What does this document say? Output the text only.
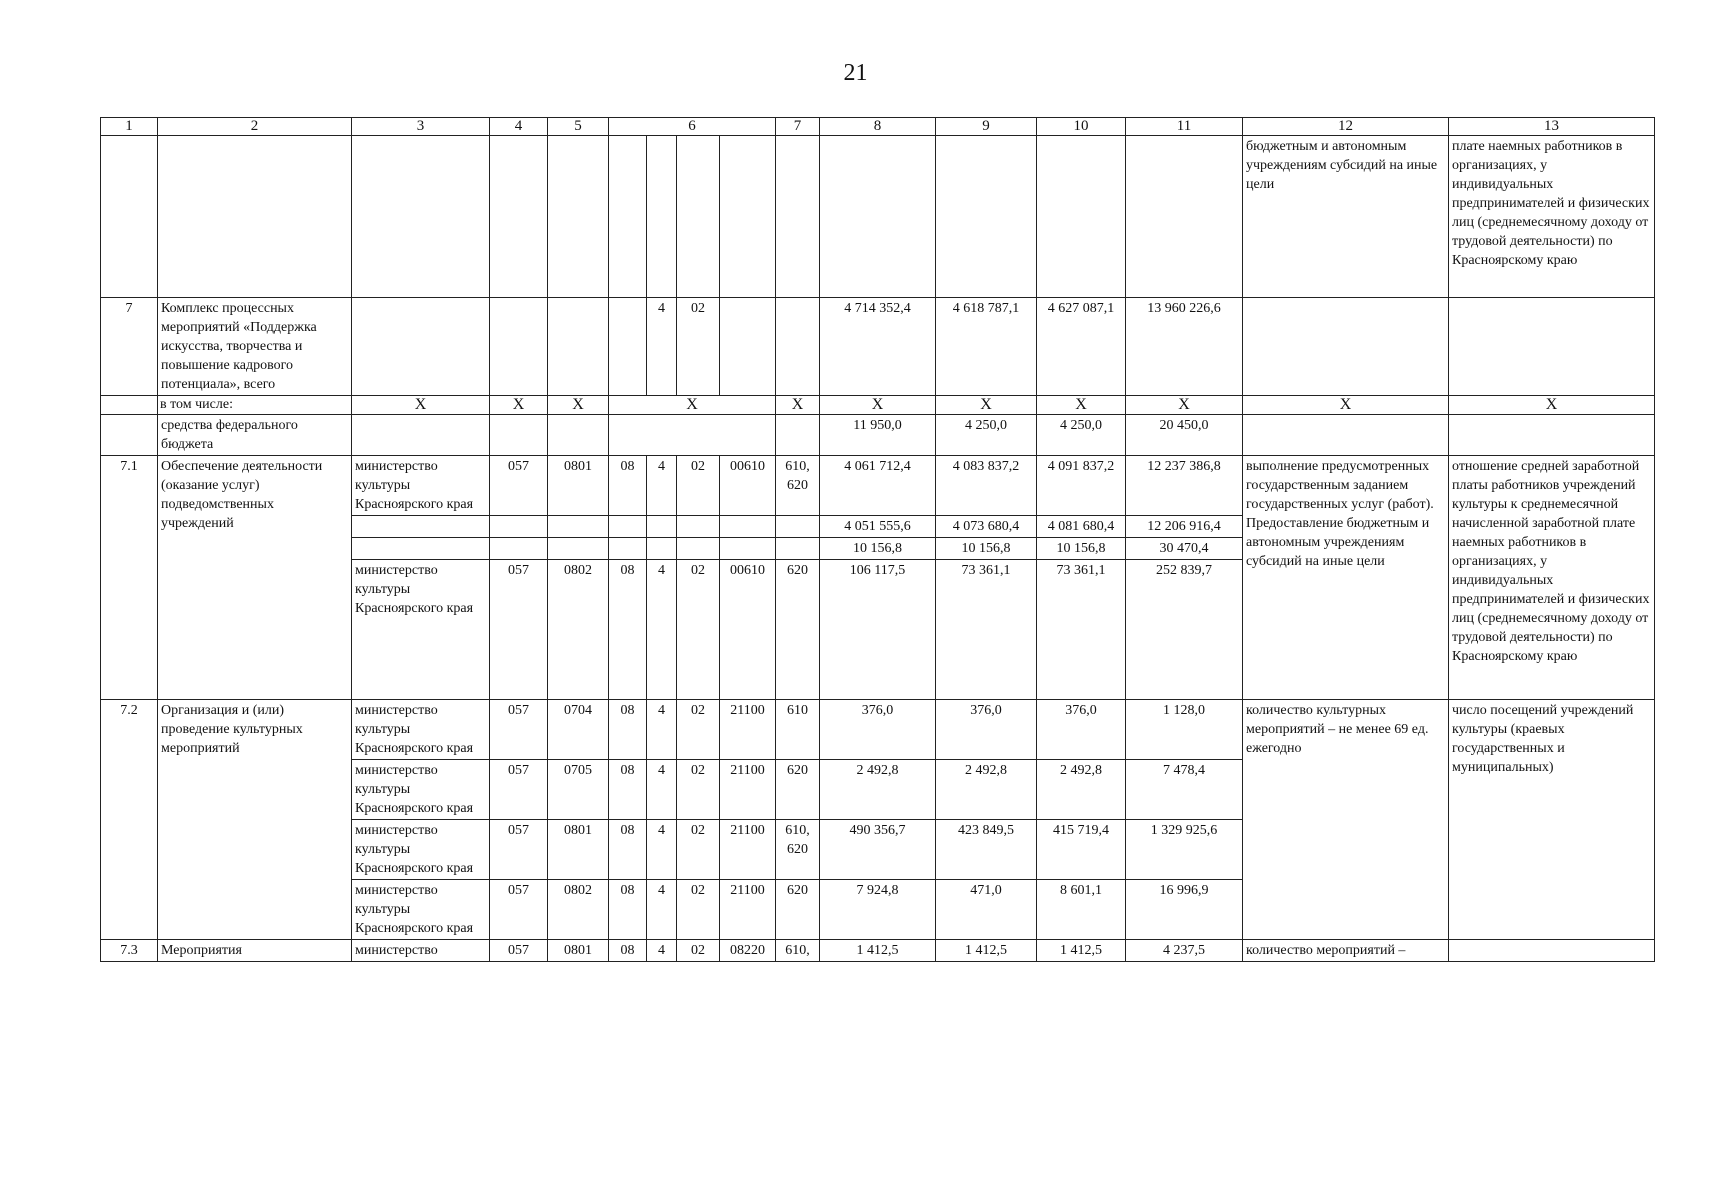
21
1	2	3	4	5	6				7	8	9	10	11	12	13
														бюджетным и автономным учреждениям субсидий на иные цели	плате наемных работников в организациях, у индивидуальных предпринимателей и физических лиц (среднемесячному доходу от трудовой деятельности) по Красноярскому краю
7	Комплекс процессных мероприятий «Поддержка искусства, творчества и повышение кадрового потенциала», всего					4	02			4 714 352,4	4 618 787,1	4 627 087,1	13 960 226,6		
	в том числе:	X	X	X	X				X	X	X	X	X	X	X
	средства федерального бюджета									11 950,0	4 250,0	4 250,0	20 450,0		
7.1	Обеспечение деятельности (оказание услуг) подведомственных учреждений	министерство культуры Красноярского края	057	0801	08	4	02	00610	610, 620	4 061 712,4	4 083 837,2	4 091 837,2	12 237 386,8	выполнение предусмотренных государственным заданием государственных услуг (работ). Предоставление бюджетным и автономным учреждениям субсидий на иные цели	отношение средней заработной платы работников учреждений культуры к среднемесячной начисленной заработной плате наемных работников в организациях, у индивидуальных предпринимателей и физических лиц (среднемесячному доходу от трудовой деятельности) по Красноярскому краю
										4 051 555,6	4 073 680,4	4 081 680,4	12 206 916,4		
										10 156,8	10 156,8	10 156,8	30 470,4		
		министерство культуры Красноярского края	057	0802	08	4	02	00610	620	106 117,5	73 361,1	73 361,1	252 839,7		
7.2	Организация и (или) проведение культурных мероприятий	министерство культуры Красноярского края	057	0704	08	4	02	21100	610	376,0	376,0	376,0	1 128,0	количество культурных мероприятий – не менее 69 ед. ежегодно	число посещений учреждений культуры (краевых государственных и муниципальных)
		министерство культуры Красноярского края	057	0705	08	4	02	21100	620	2 492,8	2 492,8	2 492,8	7 478,4		
		министерство культуры Красноярского края	057	0801	08	4	02	21100	610, 620	490 356,7	423 849,5	415 719,4	1 329 925,6		
		министерство культуры Красноярского края	057	0802	08	4	02	21100	620	7 924,8	471,0	8 601,1	16 996,9		
7.3	Мероприятия	министерство	057	0801	08	4	02	08220	610,	1 412,5	1 412,5	1 412,5	4 237,5	количество мероприятий –	
